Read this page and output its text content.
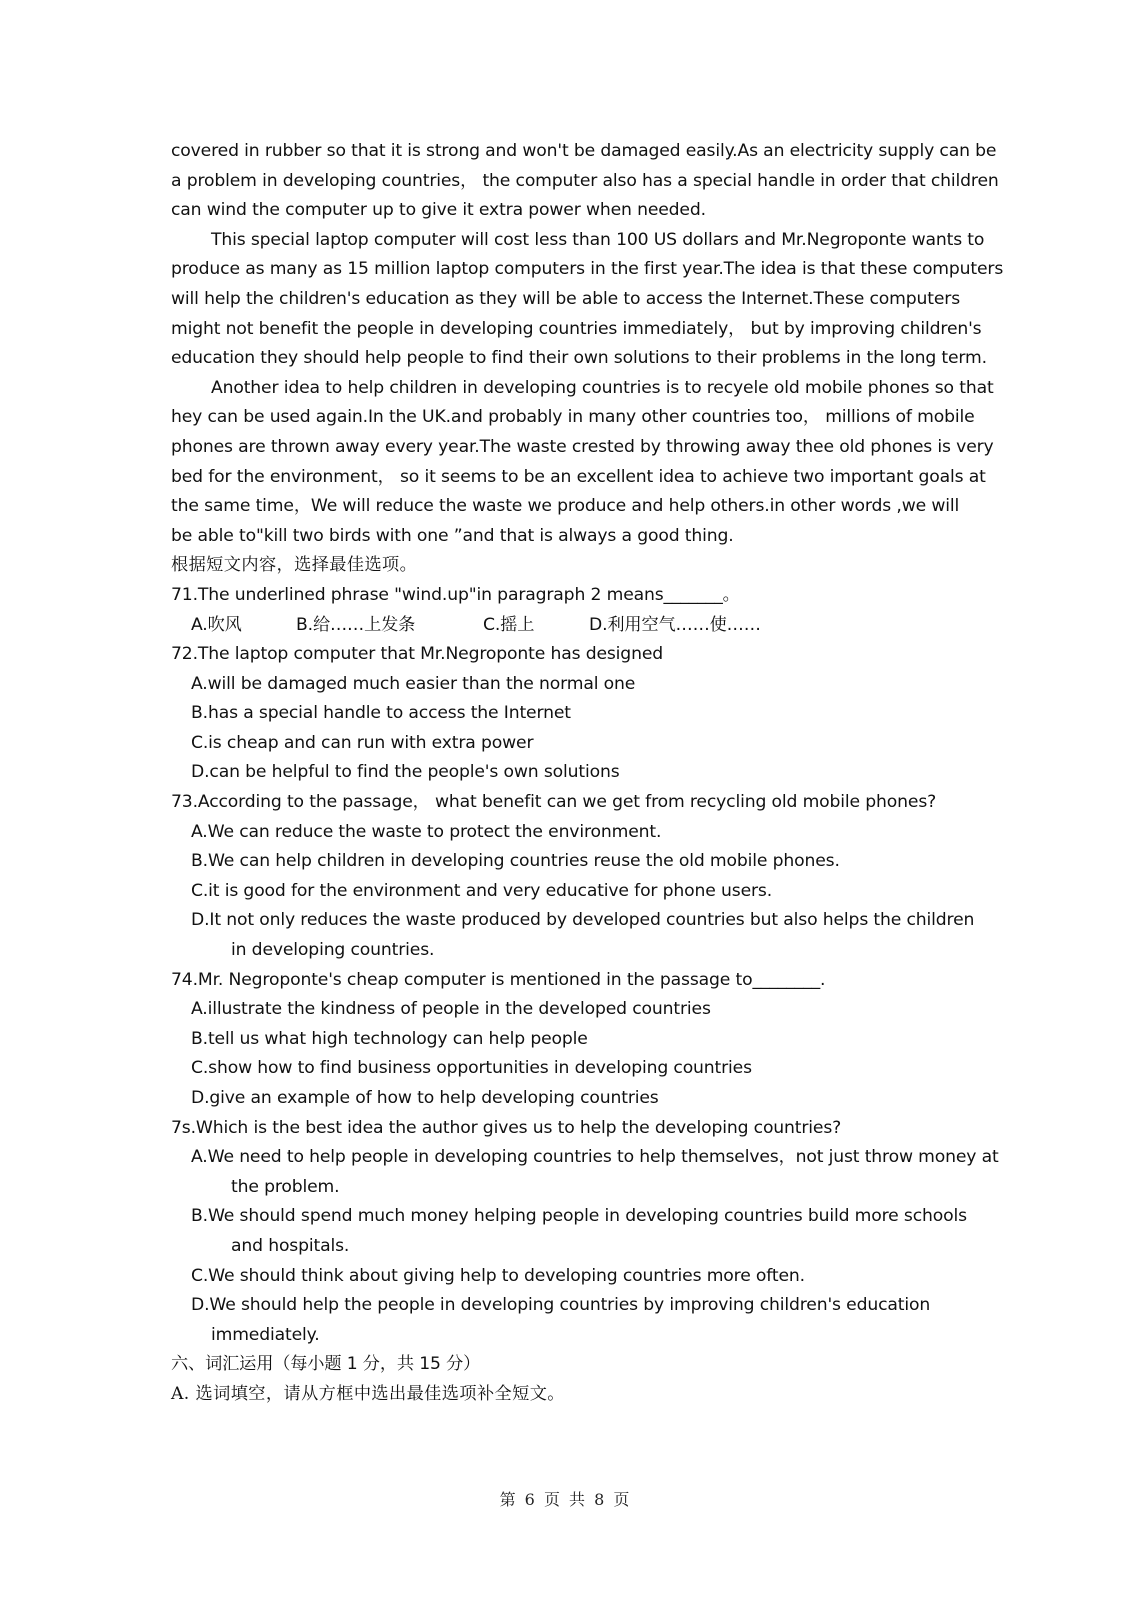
covered in rubber so that it is strong and won't be damaged easily.As an electricity supply can be
a problem in developing countries， the computer also has a special handle in order that children
can wind the computer up to give it extra power when needed.
This special laptop computer will cost less than 100 US dollars and Mr.Negroponte wants to
produce as many as 15 million laptop computers in the first year.The idea is that these computers
will help the children's education as they will be able to access the Internet.These computers
might not benefit the people in developing countries immediately， but by improving children's
education they should help people to find their own solutions to their problems in the long term.
Another idea to help children in developing countries is to recyele old mobile phones so that
hey can be used again.In the UK.and probably in many other countries too， millions of mobile
phones are thrown away every year.The waste crested by throwing away thee old phones is very
bed for the environment， so it seems to be an excellent idea to achieve two important goals at
the same time，We will reduce the waste we produce and help others.in other words ,we will
be able to"kill two birds with one ”and that is always a good thing.
根据短文内容，选择最佳选项。
71.The underlined phrase "wind.up"in paragraph 2 means_______。
A.吹风	B.给……上发条	C.摇上	D.利用空气……使……
72.The laptop computer that Mr.Negroponte has designed
A.will be damaged much easier than the normal one
B.has a special handle to access the Internet
C.is cheap and can run with extra power
D.can be helpful to find the people's own solutions
73.According to the passage， what benefit can we get from recycling old mobile phones?
A.We can reduce the waste to protect the environment.
B.We can help children in developing countries reuse the old mobile phones.
C.it is good for the environment and very educative for phone users.
D.It not only reduces the waste produced by developed countries but also helps the children
in developing countries.
74.Mr. Negroponte's cheap computer is mentioned in the passage to________.
A.illustrate the kindness of people in the developed countries
B.tell us what high technology can help people
C.show how to find business opportunities in developing countries
D.give an example of how to help developing countries
7s.Which is the best idea the author gives us to help the developing countries?
A.We need to help people in developing countries to help themselves，not just throw money at
the problem.
B.We should spend much money helping people in developing countries build more schools
and hospitals.
C.We should think about giving help to developing countries more often.
D.We should help the people in developing countries by improving children's education
immediately.
六、词汇运用（每小题 1 分，共 15 分）
A. 选词填空，请从方框中选出最佳选项补全短文。
第 6 页 共 8 页
